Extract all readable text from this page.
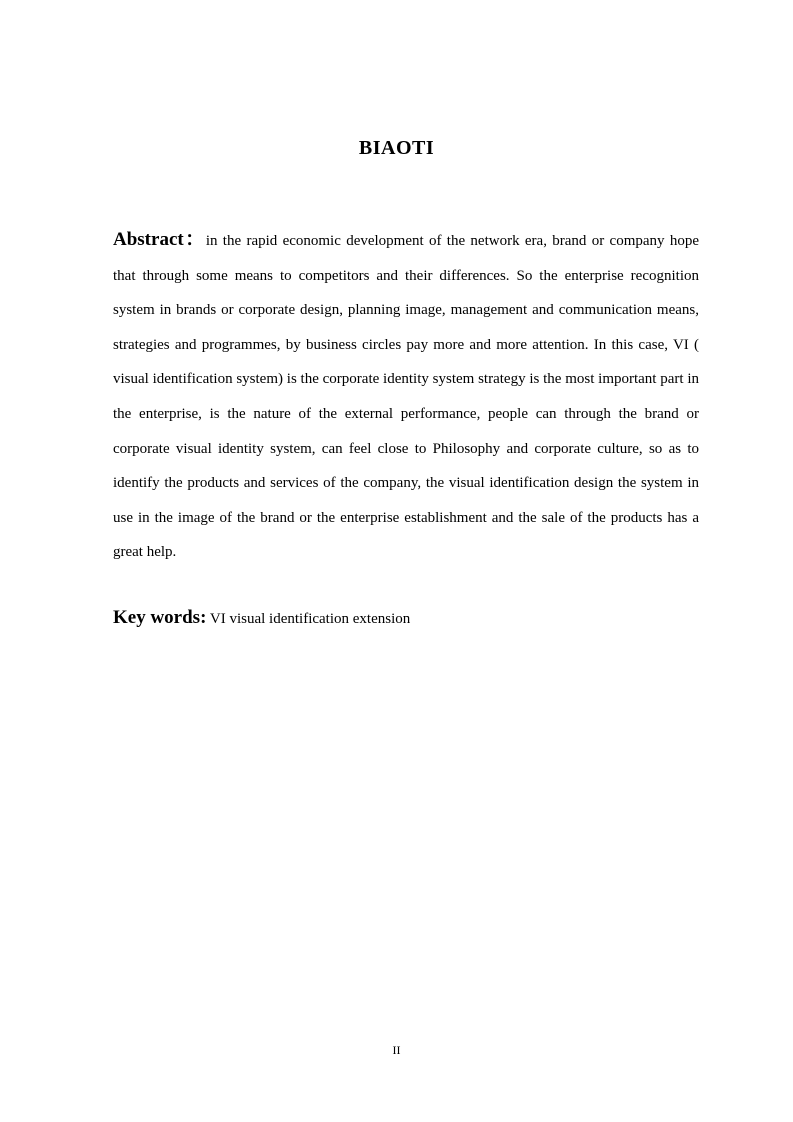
BIAOTI

Abstract：in the rapid economic development of the network era, brand or company hope that through some means to competitors and their differences. So the enterprise recognition system in brands or corporate design, planning image, management and communication means, strategies and programmes, by business circles pay more and more attention. In this case, VI ( visual identification system) is the corporate identity system strategy is the most important part in the enterprise, is the nature of the external performance, people can through the brand or corporate visual identity system, can feel close to Philosophy and corporate culture, so as to identify the products and services of the company, the visual identification design the system in use in the image of the brand or the enterprise establishment and the sale of the products has a great help.

Key words: VI visual identification extension

II
